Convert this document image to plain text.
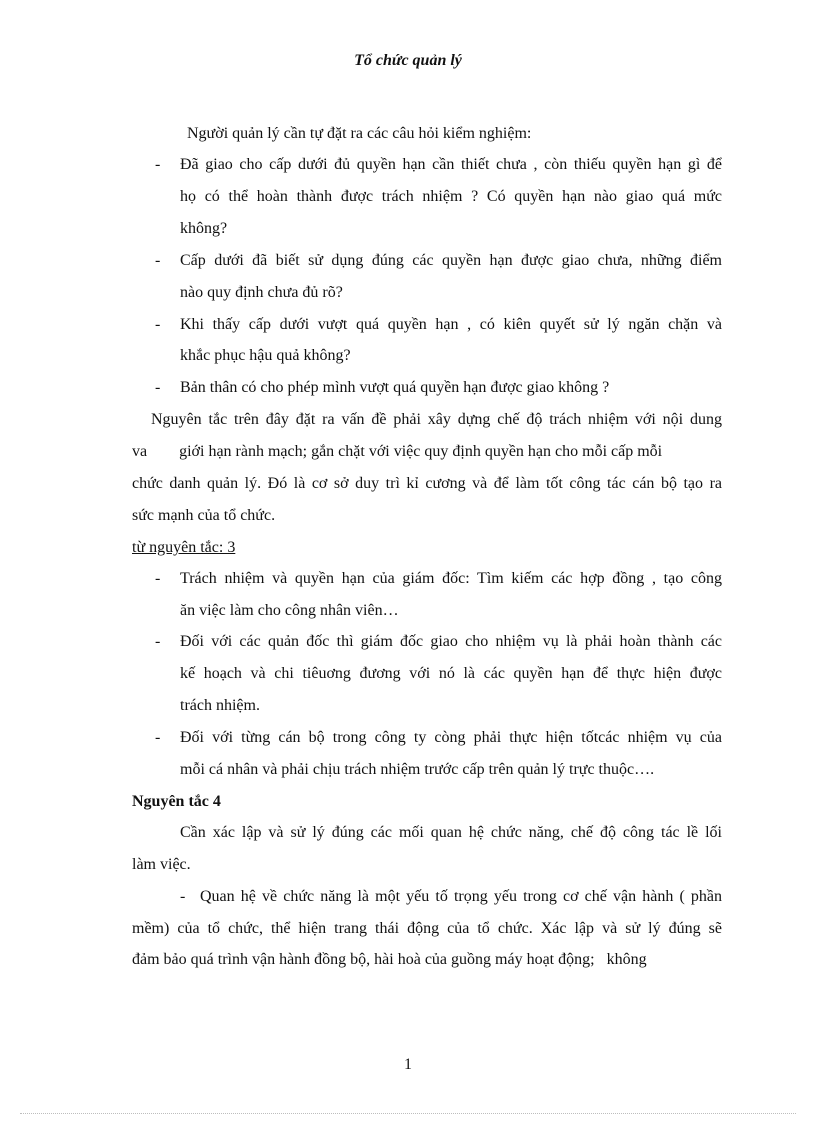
Tổ chức quản lý
Người quản lý cần tự đặt ra các câu hỏi kiểm nghiệm:
- Đã giao cho cấp dưới đủ quyền hạn cần thiết chưa , còn thiếu quyền hạn gì để
họ có thể hoàn thành được trách nhiệm ? Có quyền hạn nào giao quá mức
không?
- Cấp dưới đã biết sử dụng đúng các quyền hạn được giao chưa, những điểm
nào quy định chưa đủ rõ?
- Khi thấy cấp dưới vượt quá quyền hạn , có kiên quyết sử lý ngăn chặn và
khắc phục hậu quả không?
- Bản thân có cho phép mình vượt quá quyền hạn được giao không ?
Nguyên tắc trên đây đặt ra vấn đề phải xây dựng chế độ trách nhiệm với nội dung
va        giới hạn rành mạch; gắn chặt với việc quy định quyền hạn cho mỗi cấp mỗi
chức danh quản lý. Đó là cơ sở duy trì kỉ cương và để làm tốt công tác cán bộ tạo ra
sức mạnh của tổ chức.
từ nguyên tắc: 3
- Trách nhiệm và quyền hạn của giám đốc: Tìm kiếm các hợp đồng , tạo công
ăn việc làm cho công nhân viên…
- Đối với các quản đốc thì giám đốc giao cho nhiệm vụ là phải hoàn thành các
kế hoạch và chi tiêuơng đương với nó là các quyền hạn để thực hiện được
trách nhiệm.
- Đối với từng cán bộ trong công ty còng phải thực hiện tốtcác nhiệm vụ của
mỗi cá nhân và phải chịu trách nhiệm trước cấp trên quản lý trực thuộc….
Nguyên tắc 4
Cần xác lập và sử lý đúng các mối quan hệ chức năng, chế độ công tác lề lối
làm việc.
- Quan hệ về chức năng là một yếu tố trọng yếu trong cơ chế vận hành ( phần
mềm) của tổ chức, thể hiện trang thái động của tổ chức. Xác lập và sử lý đúng sẽ
đảm bảo quá trình vận hành đồng bộ, hài hoà của guồng máy hoạt động;   không
1
